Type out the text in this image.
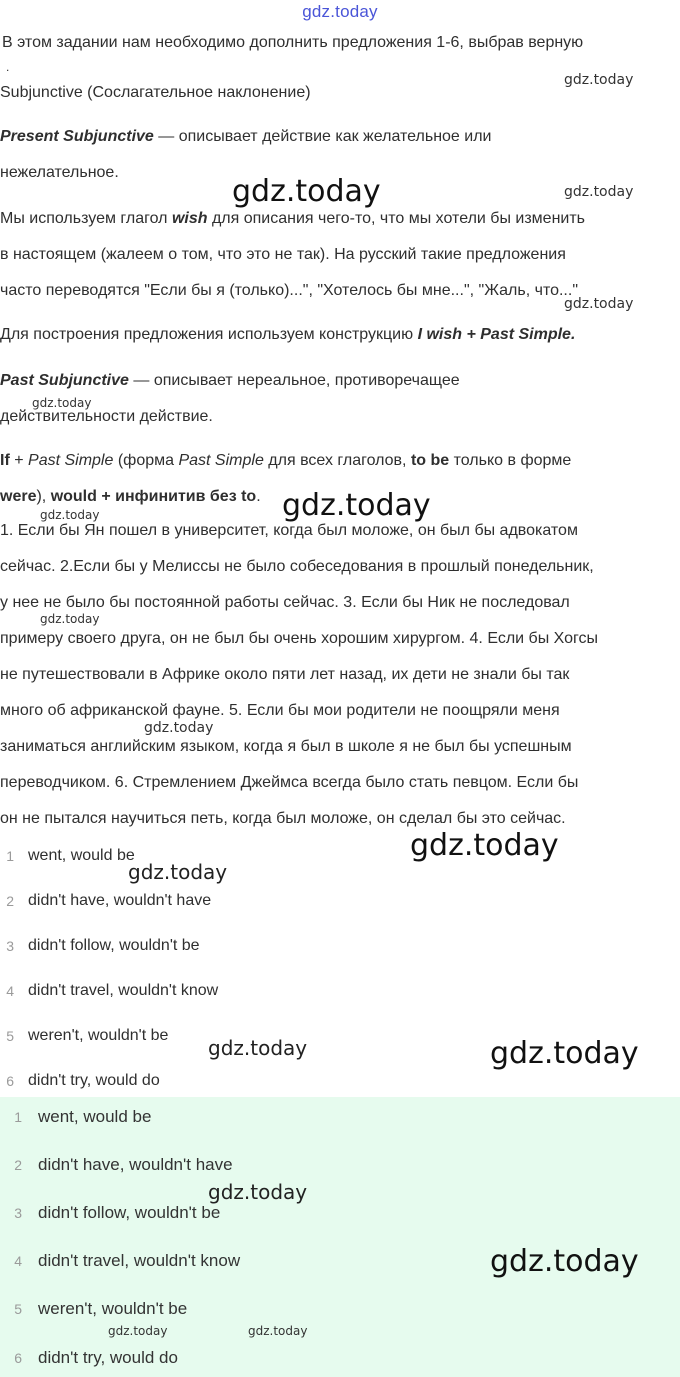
gdz.today

В этом задании нам необходимо дополнить предложения 1-6, выбрав верную

.

Subjunctive (Сослагательное наклонение)

Present Subjunctive — описывает действие как желательное или

нежелательное.

Мы используем глагол wish для описания чего-то, что мы хотели бы изменить

в настоящем (жалеем о том, что это не так). На русский такие предложения

часто переводятся "Если бы я (только)...", "Хотелось бы мне...", "Жаль, что..."

Для построения предложения используем конструкцию I wish + Past Simple.

Past Subjunctive — описывает нереальное, противоречащее

действительности действие.

If + Past Simple (форма Past Simple для всех глаголов, to be только в форме

were), would + инфинитив без to.

1. Если бы Ян пошел в университет, когда был моложе, он был бы адвокатом

сейчас. 2.Если бы у Мелиссы не было собеседования в прошлый понедельник,

у нее не было бы постоянной работы сейчас. 3. Если бы Ник не последовал

примеру своего друга, он не был бы очень хорошим хирургом. 4. Если бы Хогсы

не путешествовали в Африке около пяти лет назад, их дети не знали бы так

много об африканской фауне. 5. Если бы мои родители не поощряли меня

заниматься английским языком, когда я был в школе я не был бы успешным

переводчиком. 6. Стремлением Джеймса всегда было стать певцом. Если бы

он не пытался научиться петь, когда был моложе, он сделал бы это сейчас.

1 went, would be
2 didn't have, wouldn't have
3 didn't follow, wouldn't be
4 didn't travel, wouldn't know
5 weren't, wouldn't be
6 didn't try, would do
1 went, would be
2 didn't have, wouldn't have
3 didn't follow, wouldn't be
4 didn't travel, wouldn't know
5 weren't, wouldn't be
6 didn't try, would do
gdz.today
gdz.today	gdz.today
gdz.today
gdz.today
gdz.today
gdz.today
gdz.today
gdz.today
gdz.today
gdz.today
gdz.today	gdz.today
gdz.today
gdz.today
gdz.today	gdz.today
